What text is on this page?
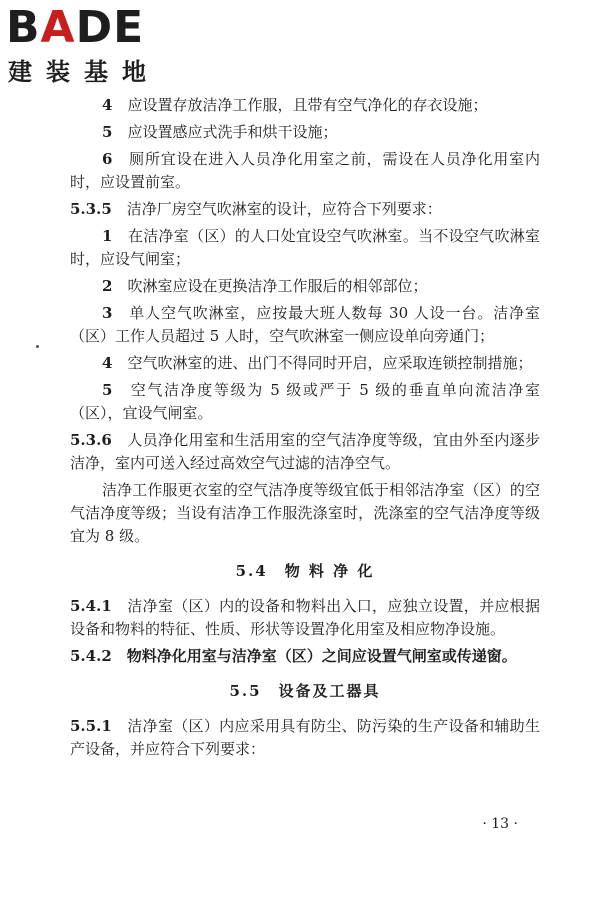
BADE
建装基地

4　 应设置存放洁净工作服，且带有空气净化的存衣设施；

5　 应设置感应式洗手和烘干设施；

6　 厕所宜设在进入人员净化用室之前，需设在人员净化用室内时，应设置前室。

5.3.5　 洁净厂房空气吹淋室的设计，应符合下列要求：

1　 在洁净室（区）的人口处宜设空气吹淋室。当不设空气吹淋室时，应设气闸室；

2　 吹淋室应设在更换洁净工作服后的相邻部位；

3　 单人空气吹淋室，应按最大班人数每 30 人设一台。洁净室（区）工作人员超过 5 人时，空气吹淋室一侧应设单向旁通门；

4　 空气吹淋室的进、出门不得同时开启，应采取连锁控制措施；

5　 空气洁净度等级为 5 级或严于 5 级的垂直单向流洁净室（区），宜设气闸室。

5.3.6　 人员净化用室和生活用室的空气洁净度等级，宜由外至内逐步洁净，室内可送入经过高效空气过滤的洁净空气。

洁净工作服更衣室的空气洁净度等级宜低于相邻洁净室（区）的空气洁净度等级；当设有洁净工作服洗涤室时，洗涤室的空气洁净度等级宜为 8 级。

5.4　物 料 净 化

5.4.1　 洁净室（区）内的设备和物料出入口，应独立设置，并应根据设备和物料的特征、性质、形状等设置净化用室及相应物净设施。

5.4.2　 物料净化用室与洁净室（区）之间应设置气闸室或传递窗。

5.5　设备及工器具

5.5.1　 洁净室（区）内应采用具有防尘、防污染的生产设备和辅助生产设备，并应符合下列要求：

· 13 ·
